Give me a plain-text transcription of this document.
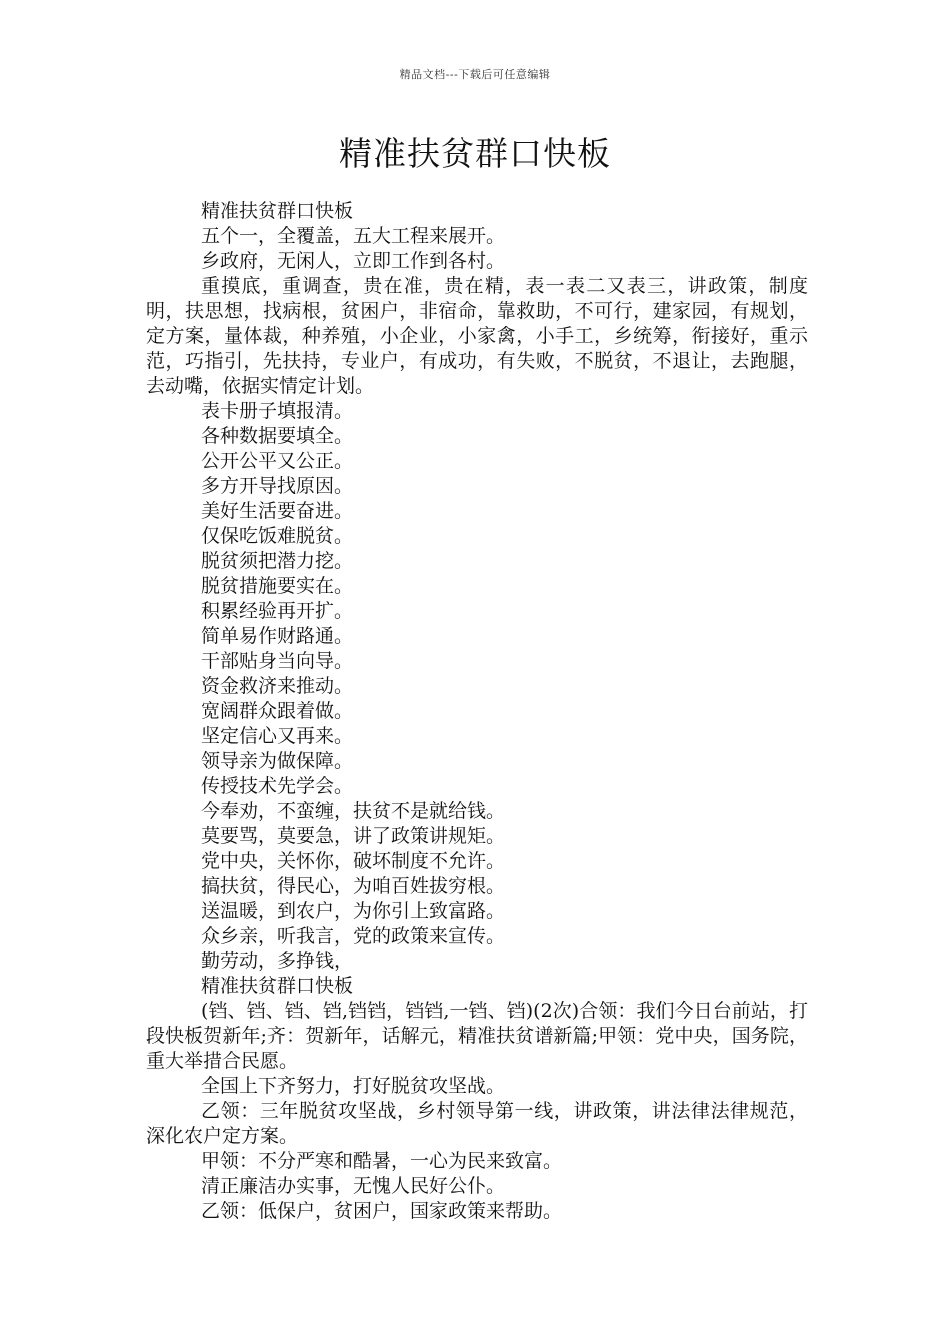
精品文档---下载后可任意编辑
精准扶贫群口快板

精准扶贫群口快板

五个一，全覆盖，五大工程来展开。

乡政府，无闲人，立即工作到各村。

重摸底，重调查，贵在准，贵在精，表一表二又表三，讲政策，制度明，扶思想，找病根，贫困户，非宿命，靠救助，不可行，建家园，有规划，定方案，量体裁，种养殖，小企业，小家禽，小手工，乡统筹，衔接好，重示范，巧指引，先扶持，专业户，有成功，有失败，不脱贫，不退让，去跑腿，去动嘴，依据实情定计划。

表卡册子填报清。

各种数据要填全。

公开公平又公正。

多方开导找原因。

美好生活要奋进。

仅保吃饭难脱贫。

脱贫须把潜力挖。

脱贫措施要实在。

积累经验再开扩。

简单易作财路通。

干部贴身当向导。

资金救济来推动。

宽阔群众跟着做。

坚定信心又再来。

领导亲为做保障。

传授技术先学会。

今奉劝，不蛮缠，扶贫不是就给钱。

莫要骂，莫要急，讲了政策讲规矩。

党中央，关怀你，破坏制度不允许。

搞扶贫，得民心，为咱百姓拔穷根。

送温暖，到农户，为你引上致富路。

众乡亲，听我言，党的政策来宣传。

勤劳动，多挣钱，

精准扶贫群口快板

(铛、铛、铛、铛,铛铛，铛铛,一铛、铛)(2次)合领：我们今日台前站，打段快板贺新年;齐：贺新年，话解元，精准扶贫谱新篇;甲领：党中央，国务院，重大举措合民愿。

全国上下齐努力，打好脱贫攻坚战。

乙领：三年脱贫攻坚战，乡村领导第一线，讲政策，讲法律法律规范，深化农户定方案。

甲领：不分严寒和酷暑，一心为民来致富。

清正廉洁办实事，无愧人民好公仆。

乙领：低保户，贫困户，国家政策来帮助。
